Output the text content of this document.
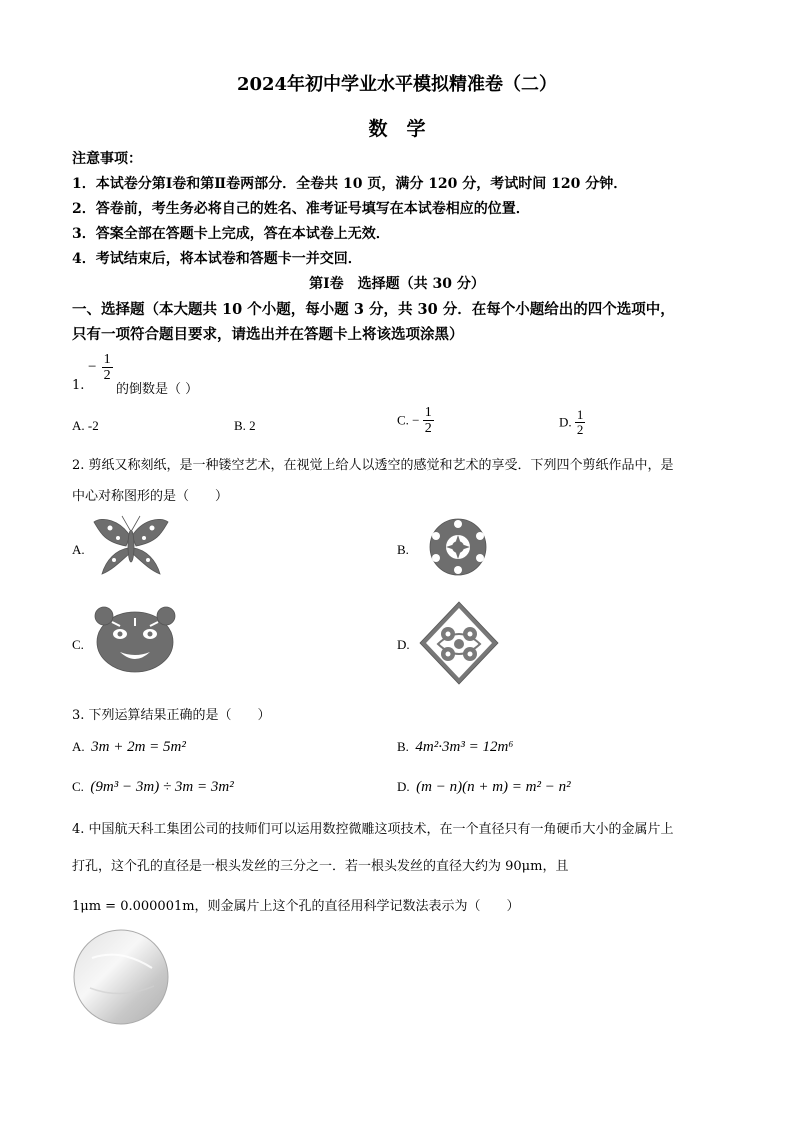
2024年初中学业水平模拟精准卷（二）
数　学
注意事项：
1．本试卷分第Ⅰ卷和第Ⅱ卷两部分．全卷共 10 页，满分 120 分，考试时间 120 分钟．
2．答卷前，考生务必将自己的姓名、准考证号填写在本试卷相应的位置．
3．答案全部在答题卡上完成，答在本试卷上无效．
4．考试结束后，将本试卷和答题卡一并交回．
第Ⅰ卷　选择题（共 30 分）
一、选择题（本大题共 10 个小题，每小题 3 分，共 30 分．在每个小题给出的四个选项中，
只有一项符合题目要求，请选出并在答题卡上将该选项涂黑）
− $\frac{1}{2}$
1. 的倒数是（ ）
A. -2	B. 2	C. − $\frac{1}{2}$	D. $\frac{1}{2}$
2. 剪纸又称刻纸，是一种镂空艺术，在视觉上给人以透空的感觉和艺术的享受．下列四个剪纸作品中，是
中心对称图形的是（　　）
A.	B.
C.	D.
3. 下列运算结果正确的是（　　）
A. 3m + 2m = 5m²	B. 4m²·3m³ = 12m⁶
C. (9m³ − 3m) ÷ 3m = 3m²	D. (m − n)(n + m) = m² − n²
4. 中国航天科工集团公司的技师们可以运用数控微雕这项技术，在一个直径只有一角硬币大小的金属片上
打孔，这个孔的直径是一根头发丝的三分之一．若一根头发丝的直径大约为 90μm，且
1μm = 0.000001m，则金属片上这个孔的直径用科学记数法表示为（　　）
